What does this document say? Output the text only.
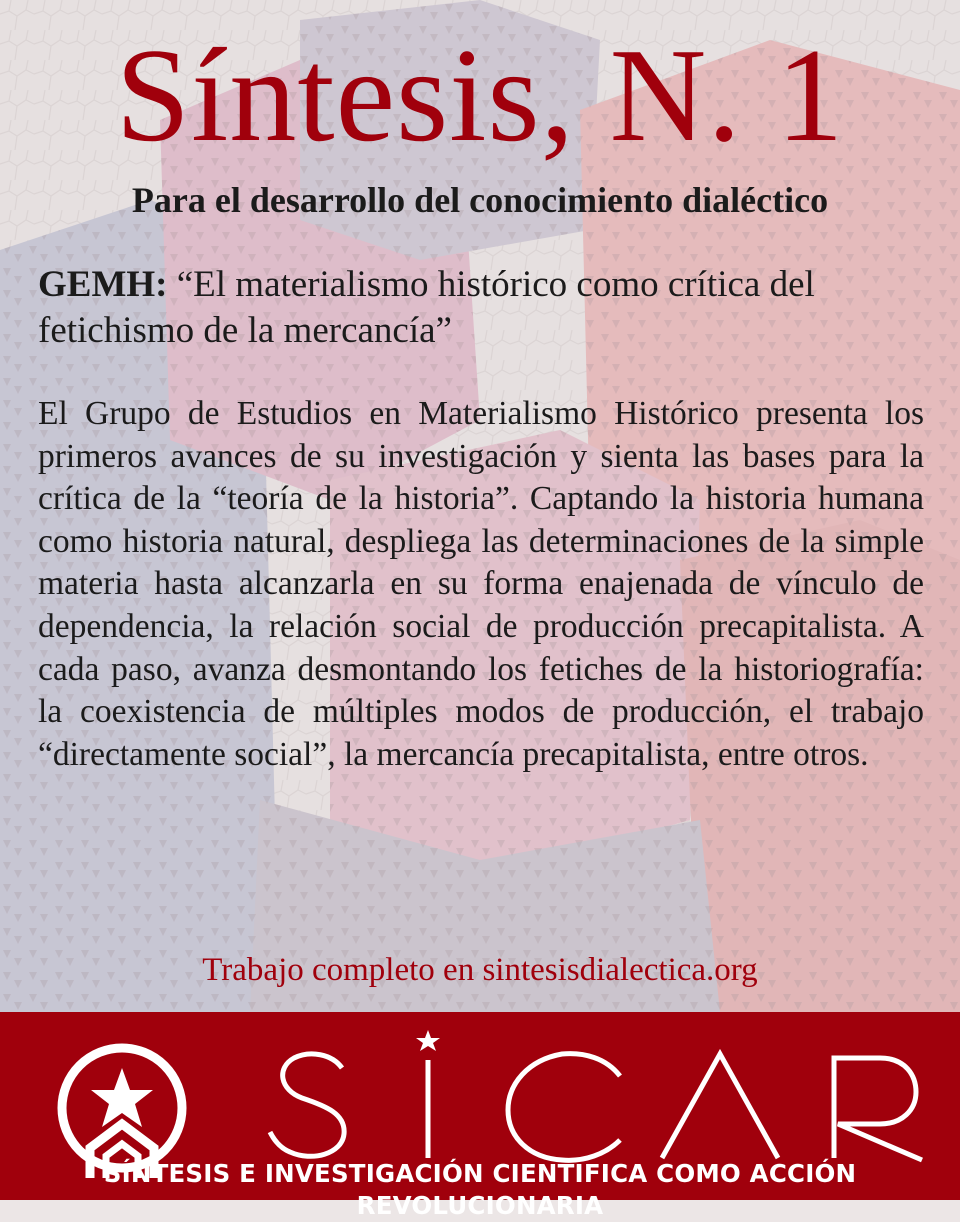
Síntesis, N. 1

Para el desarrollo del conocimiento dialéctico

GEMH: “El materialismo histórico como crítica del fetichismo de la mercancía”

El Grupo de Estudios en Materialismo Histórico presenta los primeros avances de su investigación y sienta las bases para la crítica de la “teoría de la historia”. Captando la historia humana como historia natural, despliega las determinaciones de la simple materia hasta alcanzarla en su forma enajenada de vínculo de dependencia, la relación social de producción precapitalista. A cada paso, avanza desmontando los fetiches de la historiografía: la coexistencia de múltiples modos de producción, el trabajo “directamente social”, la mercancía precapitalista, entre otros.

Trabajo completo en sintesisdialectica.org

SÍNTESIS E INVESTIGACIÓN CIENTÍFICA COMO ACCIÓN REVOLUCIONARIA
